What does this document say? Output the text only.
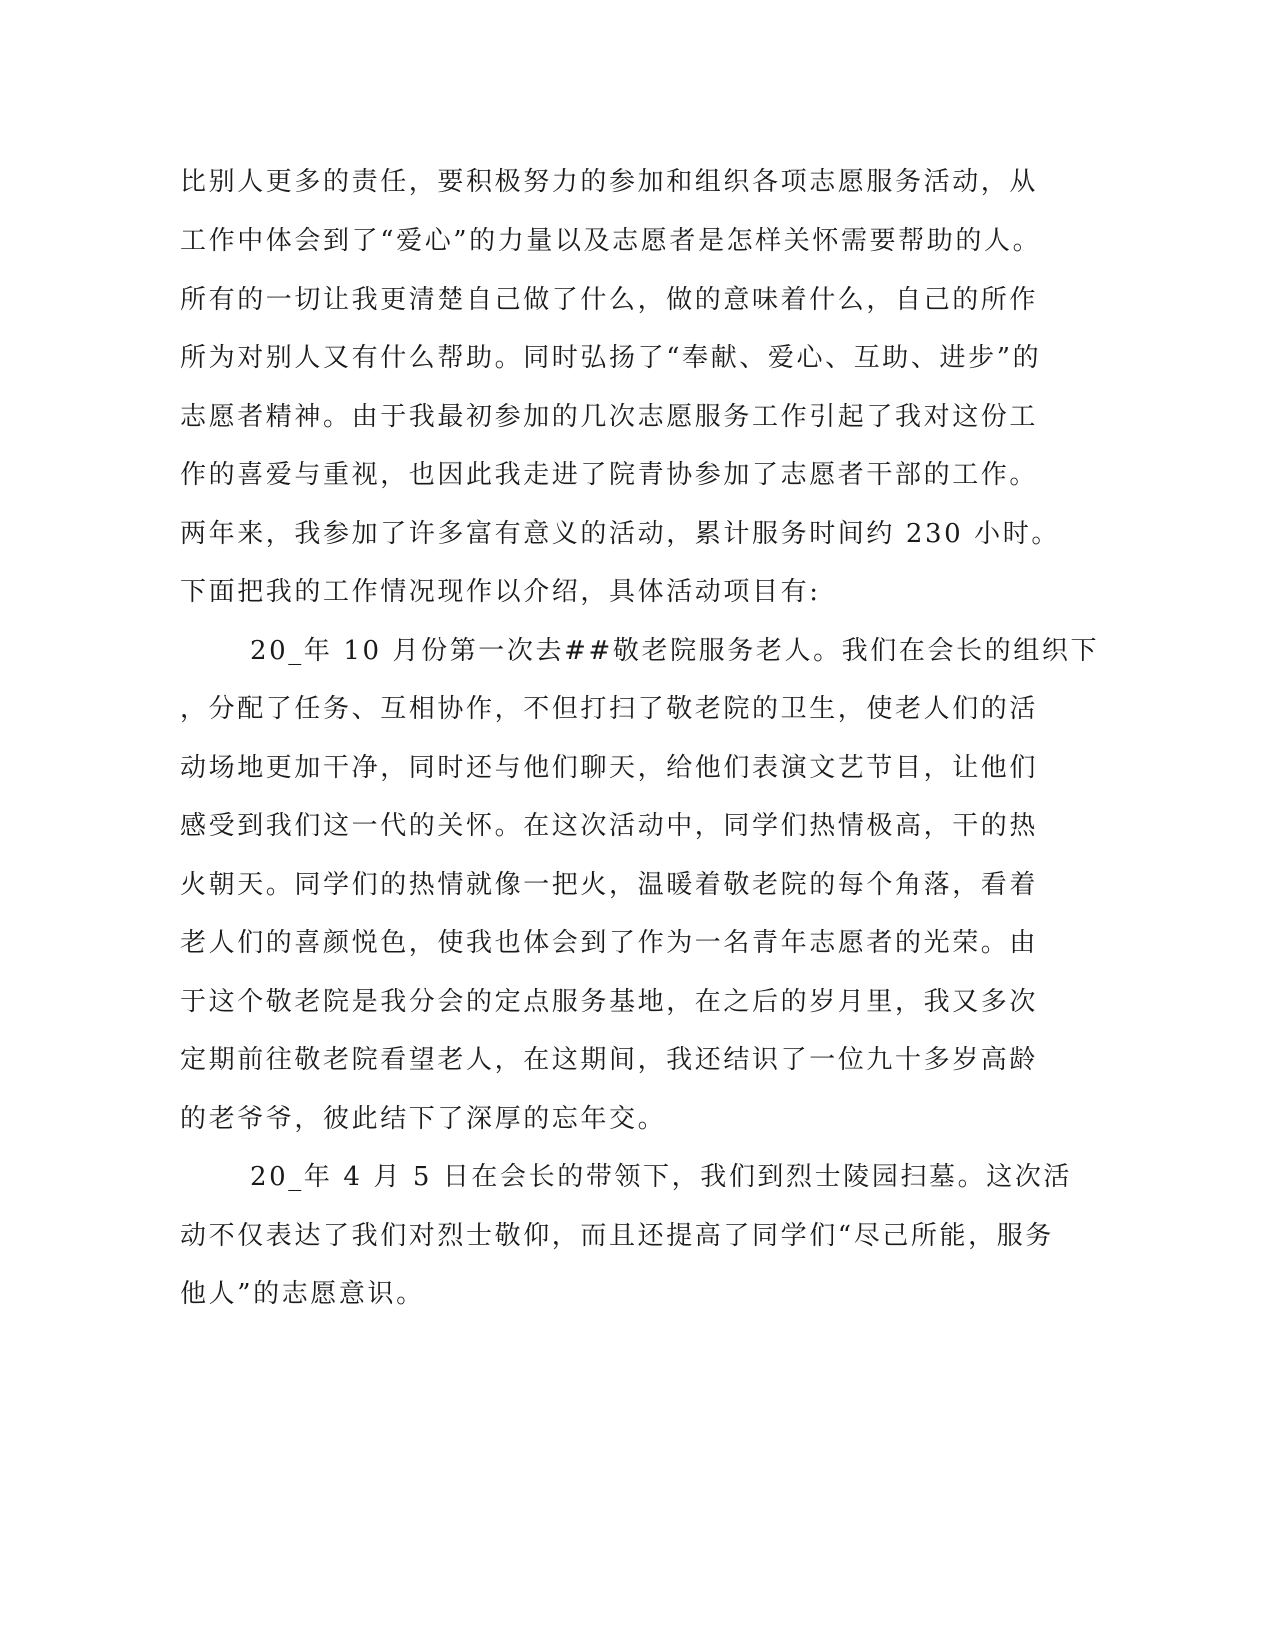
比别人更多的责任，要积极努力的参加和组织各项志愿服务活动，从
工作中体会到了“爱心”的力量以及志愿者是怎样关怀需要帮助的人。
所有的一切让我更清楚自己做了什么，做的意味着什么，自己的所作
所为对别人又有什么帮助。同时弘扬了“奉献、爱心、互助、进步”的
志愿者精神。由于我最初参加的几次志愿服务工作引起了我对这份工
作的喜爱与重视，也因此我走进了院青协参加了志愿者干部的工作。
两年来，我参加了许多富有意义的活动，累计服务时间约 230 小时。
下面把我的工作情况现作以介绍，具体活动项目有:
20_年 10 月份第一次去##敬老院服务老人。我们在会长的组织下
，分配了任务、互相协作，不但打扫了敬老院的卫生，使老人们的活
动场地更加干净，同时还与他们聊天，给他们表演文艺节目，让他们
感受到我们这一代的关怀。在这次活动中，同学们热情极高，干的热
火朝天。同学们的热情就像一把火，温暖着敬老院的每个角落，看着
老人们的喜颜悦色，使我也体会到了作为一名青年志愿者的光荣。由
于这个敬老院是我分会的定点服务基地，在之后的岁月里，我又多次
定期前往敬老院看望老人，在这期间，我还结识了一位九十多岁高龄
的老爷爷，彼此结下了深厚的忘年交。
20_年 4 月 5 日在会长的带领下，我们到烈士陵园扫墓。这次活
动不仅表达了我们对烈士敬仰，而且还提高了同学们“尽己所能，服务
他人”的志愿意识。
